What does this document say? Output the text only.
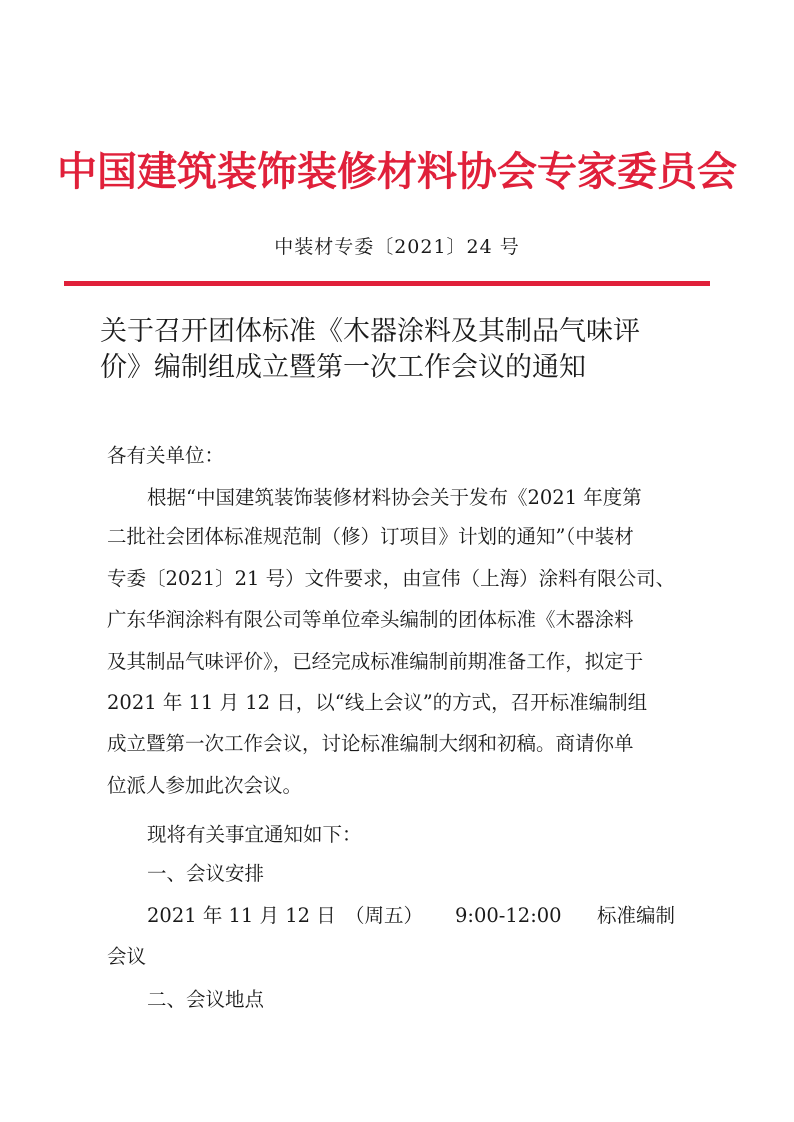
中国建筑装饰装修材料协会专家委员会
中装材专委〔2021〕24 号
关于召开团体标准《木器涂料及其制品气味评
价》编制组成立暨第一次工作会议的通知
各有关单位：
根据“中国建筑装饰装修材料协会关于发布《2021 年度第
二批社会团体标准规范制（修）订项目》计划的通知”（中装材
专委〔2021〕21 号）文件要求，由宣伟（上海）涂料有限公司、
广东华润涂料有限公司等单位牵头编制的团体标准《木器涂料
及其制品气味评价》，已经完成标准编制前期准备工作，拟定于
2021 年 11 月 12 日，以“线上会议”的方式，召开标准编制组
成立暨第一次工作会议，讨论标准编制大纲和初稿。商请你单
位派人参加此次会议。
现将有关事宜通知如下：
一、会议安排
2021 年 11 月 12 日 （周五）	9:00-12:00	标准编制
会议
二、会议地点
